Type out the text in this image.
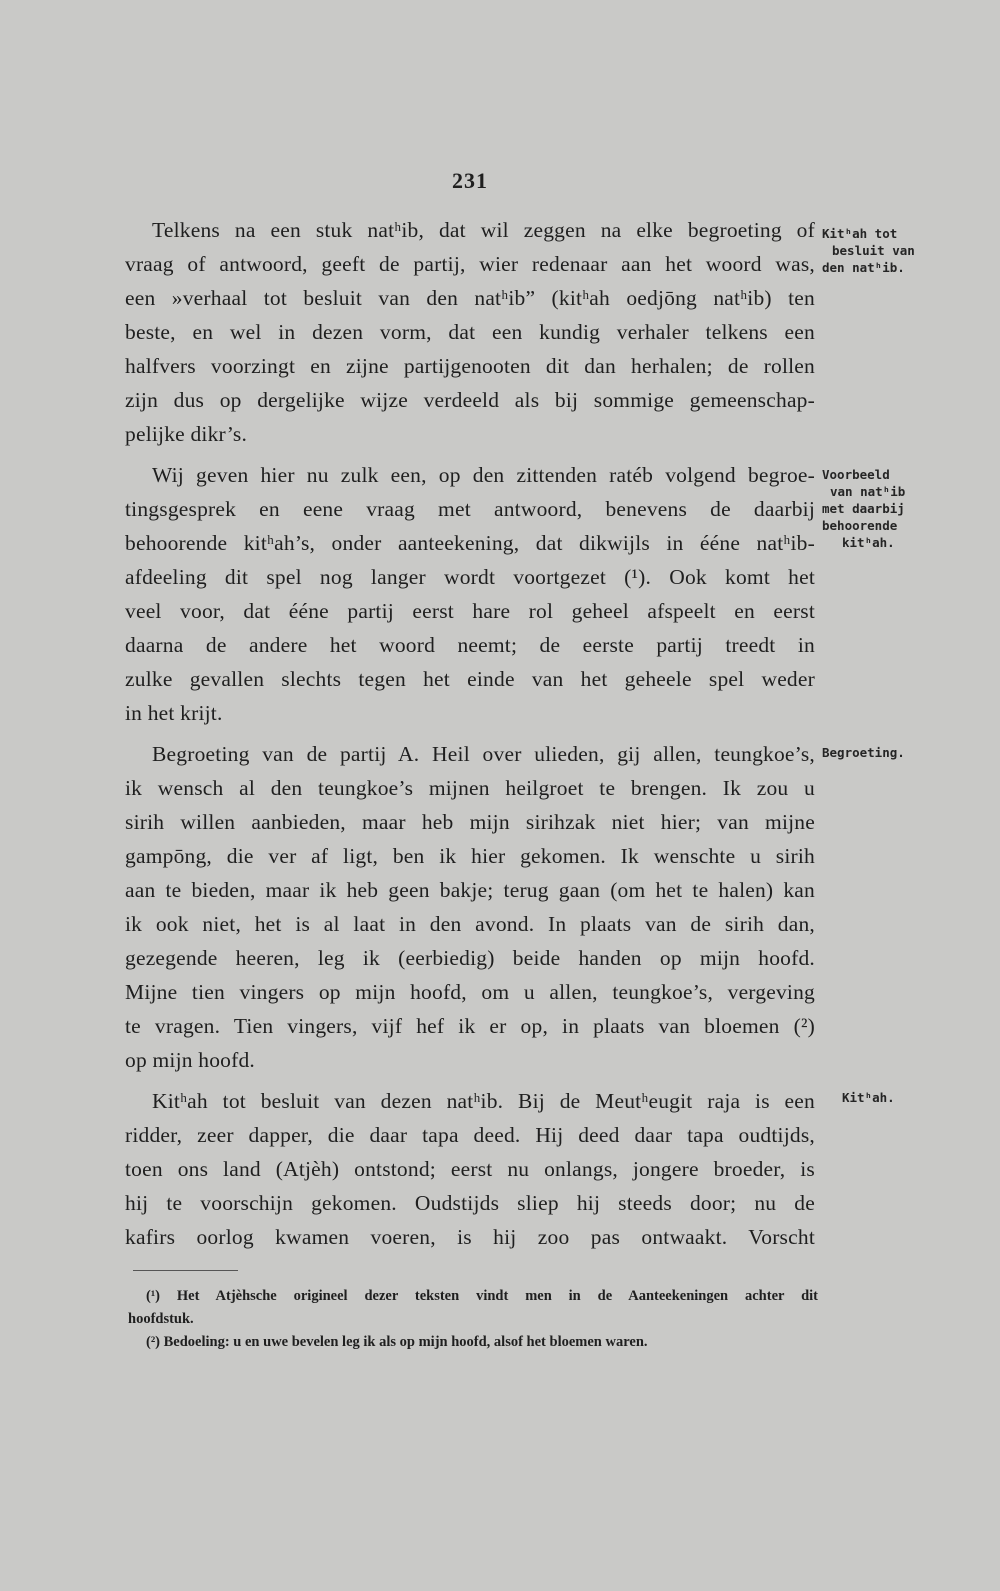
231
Telkens na een stuk natʰib, dat wil zeggen na elke begroeting of
vraag of antwoord, geeft de partij, wier redenaar aan het woord was,
een »verhaal tot besluit van den natʰib” (kitʰah oedjōng natʰib) ten
beste, en wel in dezen vorm, dat een kundig verhaler telkens een
halfvers voorzingt en zijne partijgenooten dit dan herhalen; de rollen
zijn dus op dergelijke wijze verdeeld als bij sommige gemeenschap-
pelijke dikr’s.
Wij geven hier nu zulk een, op den zittenden ratéb volgend begroe-
tingsgesprek en eene vraag met antwoord, benevens de daarbij
behoorende kitʰah’s, onder aanteekening, dat dikwijls in ééne natʰib-
afdeeling dit spel nog langer wordt voortgezet (¹). Ook komt het
veel voor, dat ééne partij eerst hare rol geheel afspeelt en eerst
daarna de andere het woord neemt; de eerste partij treedt in
zulke gevallen slechts tegen het einde van het geheele spel weder
in het krijt.
Begroeting van de partij A. Heil over ulieden, gij allen, teungkoe’s,
ik wensch al den teungkoe’s mijnen heilgroet te brengen. Ik zou u
sirih willen aanbieden, maar heb mijn sirihzak niet hier; van mijne
gampōng, die ver af ligt, ben ik hier gekomen. Ik wenschte u sirih
aan te bieden, maar ik heb geen bakje; terug gaan (om het te halen) kan
ik ook niet, het is al laat in den avond. In plaats van de sirih dan,
gezegende heeren, leg ik (eerbiedig) beide handen op mijn hoofd.
Mijne tien vingers op mijn hoofd, om u allen, teungkoe’s, vergeving
te vragen. Tien vingers, vijf hef ik er op, in plaats van bloemen (²)
op mijn hoofd.
Kitʰah tot besluit van dezen natʰib. Bij de Meutʰeugit raja is een
ridder, zeer dapper, die daar tapa deed. Hij deed daar tapa oudtijds,
toen ons land (Atjèh) ontstond; eerst nu onlangs, jongere broeder, is
hij te voorschijn gekomen. Oudstijds sliep hij steeds door; nu de
kafirs oorlog kwamen voeren, is hij zoo pas ontwaakt. Vorscht
Kitʰah tot
besluit van
den natʰib.
Voorbeeld
van natʰib
met daarbij
behoorende
kitʰah.
Begroeting.
Kitʰah.
(¹) Het Atjèhsche origineel dezer teksten vindt men in de Aanteekeningen achter dit
hoofdstuk.
(²) Bedoeling: u en uwe bevelen leg ik als op mijn hoofd, alsof het bloemen waren.
